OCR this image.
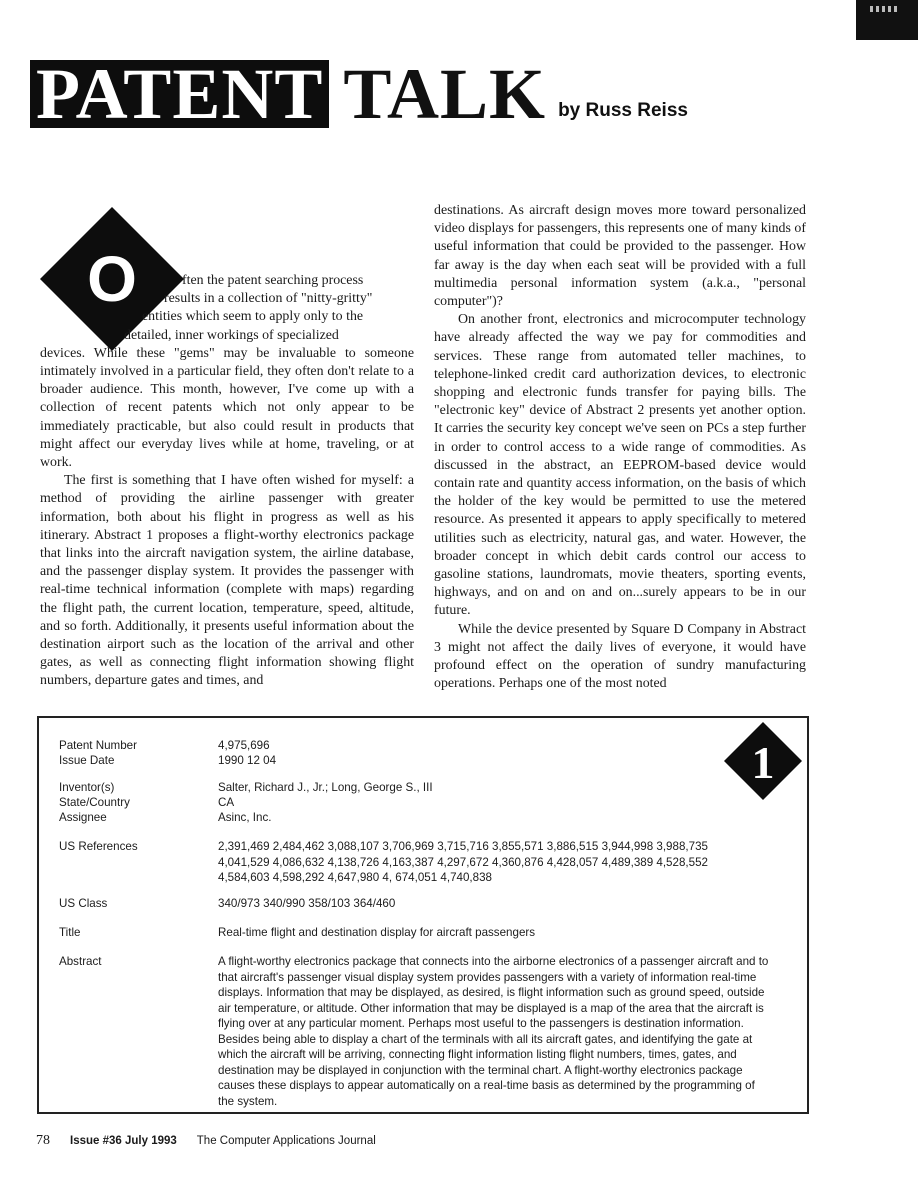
PATENT TALK by Russ Reiss
O	ften the patent searching process
results in a collection of "nitty-gritty"
entities which seem to apply only to the
detailed, inner workings of specialized

devices. While these "gems" may be invaluable to someone intimately involved in a particular field, they often don't relate to a broader audience. This month, however, I've come up with a collection of recent patents which not only appear to be immediately practicable, but also could result in products that might affect our everyday lives while at home, traveling, or at work.

The first is something that I have often wished for myself: a method of providing the airline passenger with greater information, both about his flight in progress as well as his itinerary. Abstract 1 proposes a flight-worthy electronics package that links into the aircraft navigation system, the airline database, and the passenger display system. It provides the passenger with real-time technical information (complete with maps) regarding the flight path, the current location, temperature, speed, altitude, and so forth. Additionally, it presents useful information about the destination airport such as the location of the arrival and other gates, as well as connecting flight information showing flight numbers, departure gates and times, and

destinations. As aircraft design moves more toward personalized video displays for passengers, this represents one of many kinds of useful information that could be provided to the passenger. How far away is the day when each seat will be provided with a full multimedia personal information system (a.k.a., "personal computer")?

On another front, electronics and microcomputer technology have already affected the way we pay for commodities and services. These range from automated teller machines, to telephone-linked credit card authorization devices, to electronic shopping and electronic funds transfer for paying bills. The "electronic key" device of Abstract 2 presents yet another option. It carries the security key concept we've seen on PCs a step further in order to control access to a wide range of commodities. As discussed in the abstract, an EEPROM-based device would contain rate and quantity access information, on the basis of which the holder of the key would be permitted to use the metered resource. As presented it appears to apply specifically to metered utilities such as electricity, natural gas, and water. However, the broader concept in which debit cards control our access to gasoline stations, laundromats, movie theaters, sporting events, highways, and on and on and on...surely appears to be in our future.

While the device presented by Square D Company in Abstract 3 might not affect the daily lives of everyone, it would have profound effect on the operation of sundry manufacturing operations. Perhaps one of the most noted

1
Patent Number	4,975,696
Issue Date	1990 12 04
Inventor(s)	Salter, Richard J., Jr.; Long, George S., III
State/Country	CA
Assignee	Asinc, Inc.
US References	2,391,469 2,484,462 3,088,107 3,706,969 3,715,716 3,855,571 3,886,515 3,944,998 3,988,735
4,041,529 4,086,632 4,138,726 4,163,387 4,297,672 4,360,876 4,428,057 4,489,389 4,528,552
4,584,603 4,598,292 4,647,980 4, 674,051 4,740,838
US Class	340/973 340/990 358/103 364/460
Title	Real-time flight and destination display for aircraft passengers
Abstract	A flight-worthy electronics package that connects into the airborne electronics of a passenger aircraft and to
that aircraft's passenger visual display system provides passengers with a variety of information real-time
displays. Information that may be displayed, as desired, is flight information such as ground speed, outside
air temperature, or altitude. Other information that may be displayed is a map of the area that the aircraft is
flying over at any particular moment. Perhaps most useful to the passengers is destination information.
Besides being able to display a chart of the terminals with all its aircraft gates, and identifying the gate at
which the aircraft will be arriving, connecting flight information listing flight numbers, times, gates, and
destination may be displayed in conjunction with the terminal chart. A flight-worthy electronics package
causes these displays to appear automatically on a real-time basis as determined by the programming of
the system.
78 Issue #36 July 1993 The Computer Applications Journal
